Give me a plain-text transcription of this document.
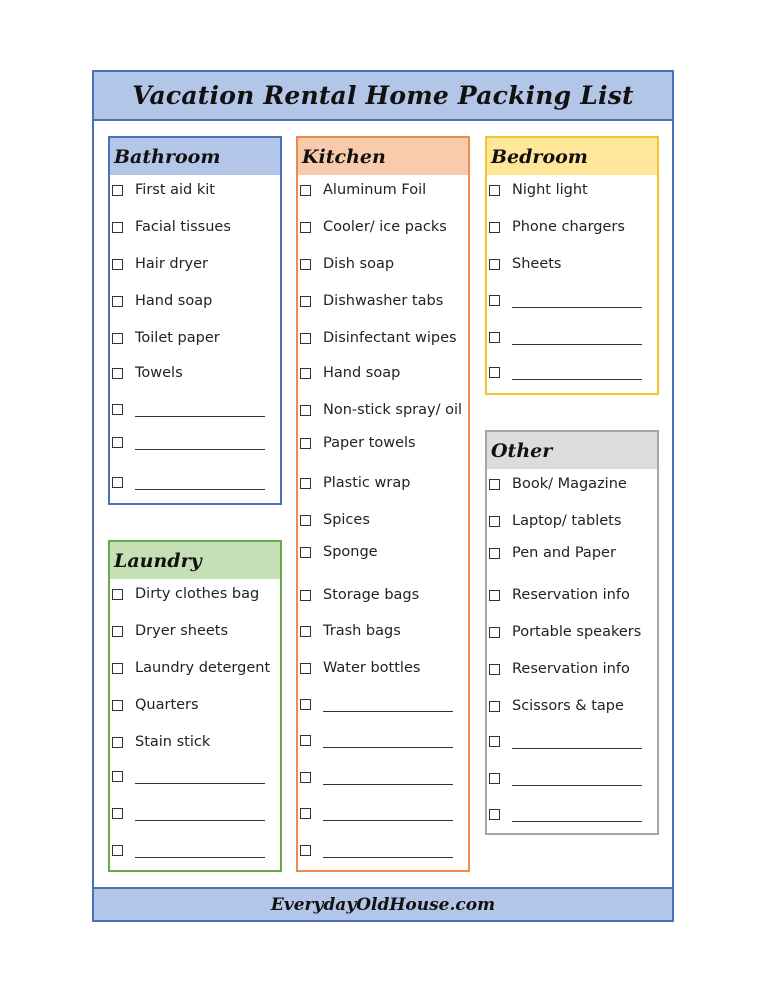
Vacation Rental Home Packing List
EverydayOldHouse.com
Bathroom
First aid kit
Facial tissues
Hair dryer
Hand soap
Toilet paper
Towels
Kitchen
Aluminum Foil
Cooler/ ice packs
Dish soap
Dishwasher tabs
Disinfectant wipes
Hand soap
Non-stick spray/ oil
Paper towels
Plastic wrap
Spices
Sponge
Storage bags
Trash bags
Water bottles
Bedroom
Night light
Phone chargers
Sheets
Laundry
Dirty clothes bag
Dryer sheets
Laundry detergent
Quarters
Stain stick
Other
Book/ Magazine
Laptop/ tablets
Pen and Paper
Reservation info
Portable speakers
Reservation info
Scissors & tape
